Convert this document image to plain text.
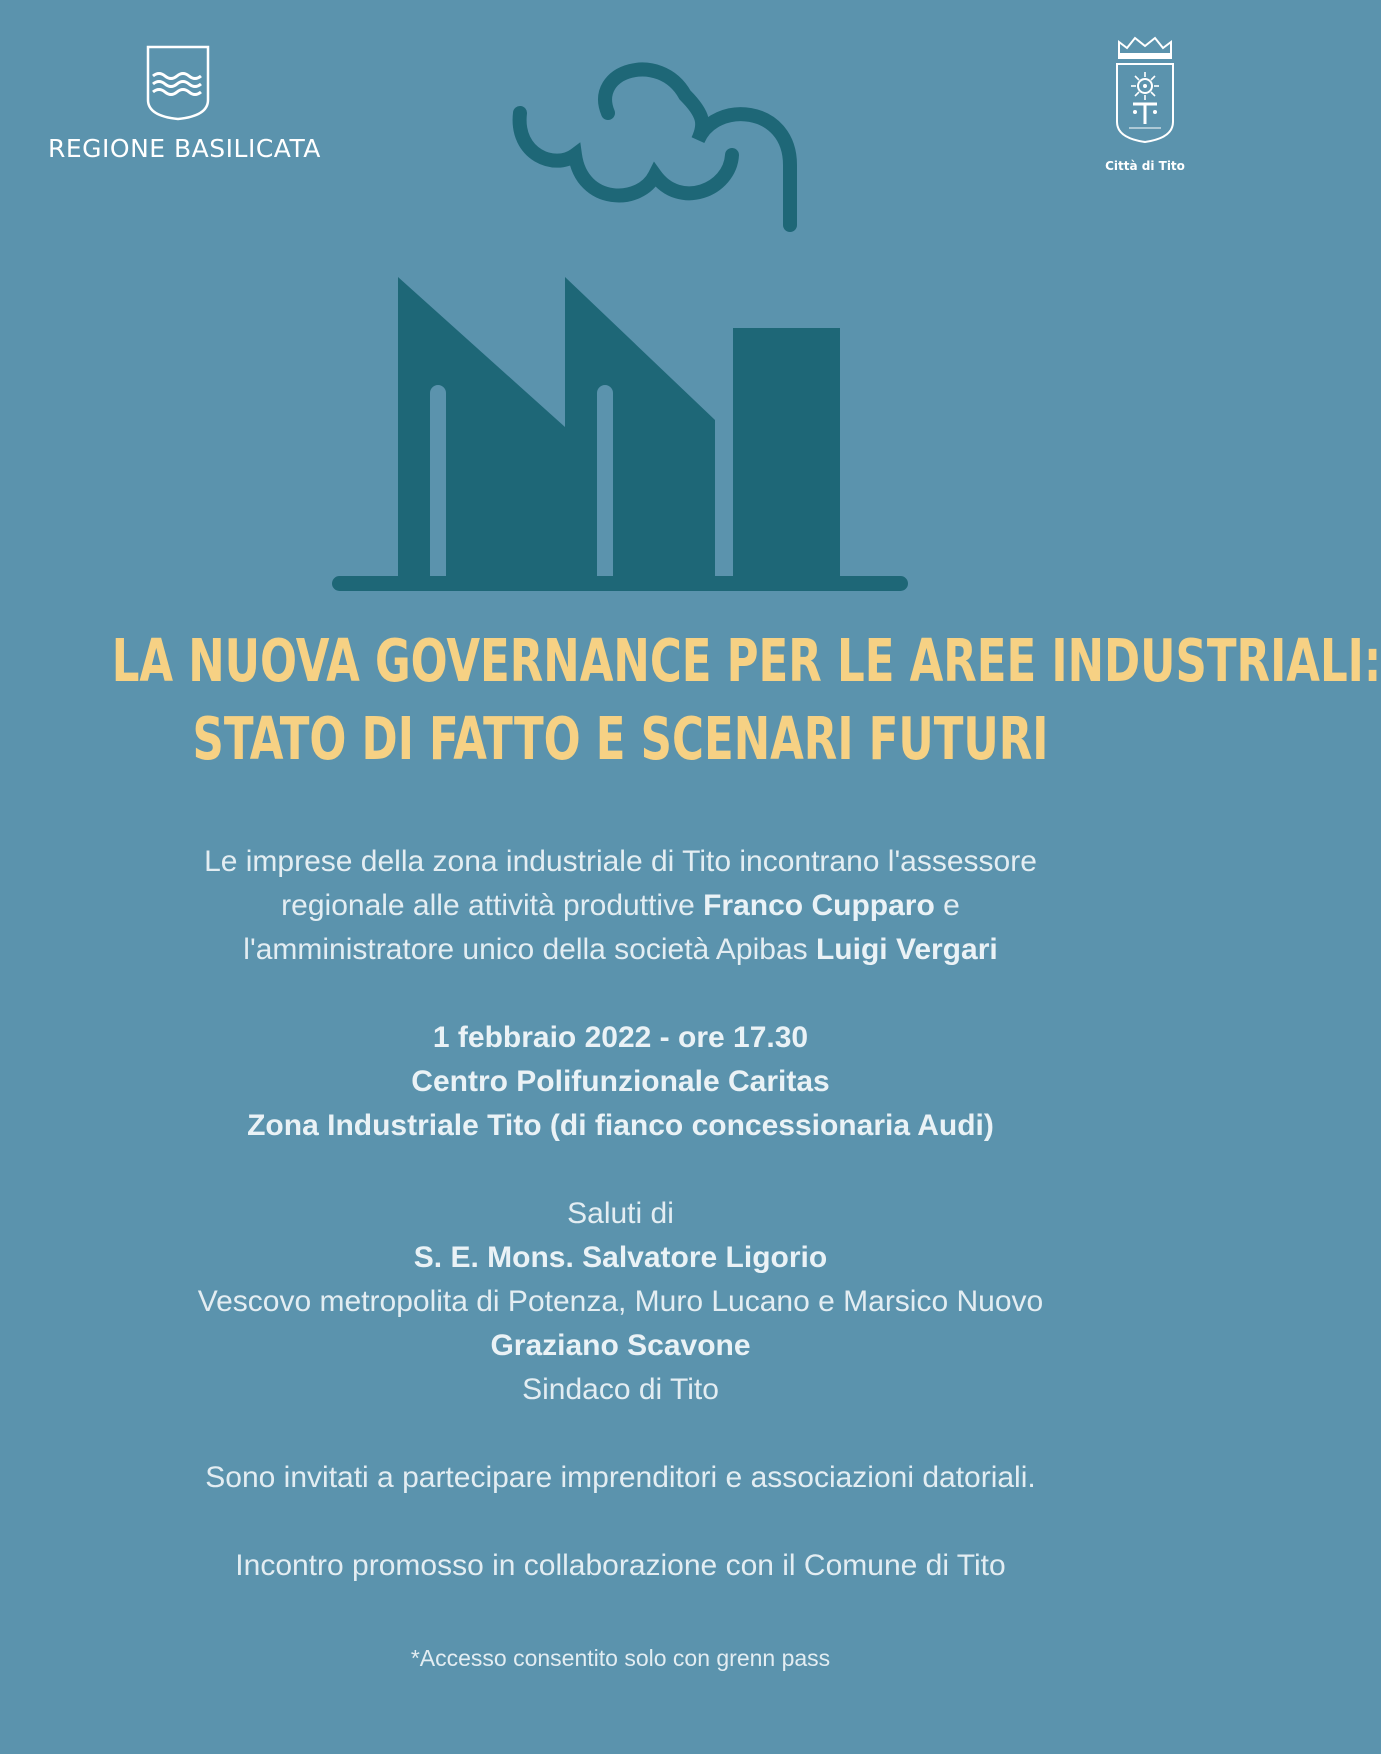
REGIONE BASILICATA
Città di Tito
LA NUOVA GOVERNANCE PER LE AREE INDUSTRIALI:
STATO DI FATTO E SCENARI FUTURI

Le imprese della zona industriale di Tito incontrano l'assessore

regionale alle attività produttive Franco Cupparo e

l'amministratore unico della società Apibas Luigi Vergari

1 febbraio 2022 - ore 17.30

Centro Polifunzionale Caritas

Zona Industriale Tito (di fianco concessionaria Audi)

Saluti di

S. E. Mons. Salvatore Ligorio

Vescovo metropolita di Potenza, Muro Lucano e Marsico Nuovo

Graziano Scavone

Sindaco di Tito

Sono invitati a partecipare imprenditori e associazioni datoriali.

Incontro promosso in collaborazione con il Comune di Tito

*Accesso consentito solo con grenn pass
